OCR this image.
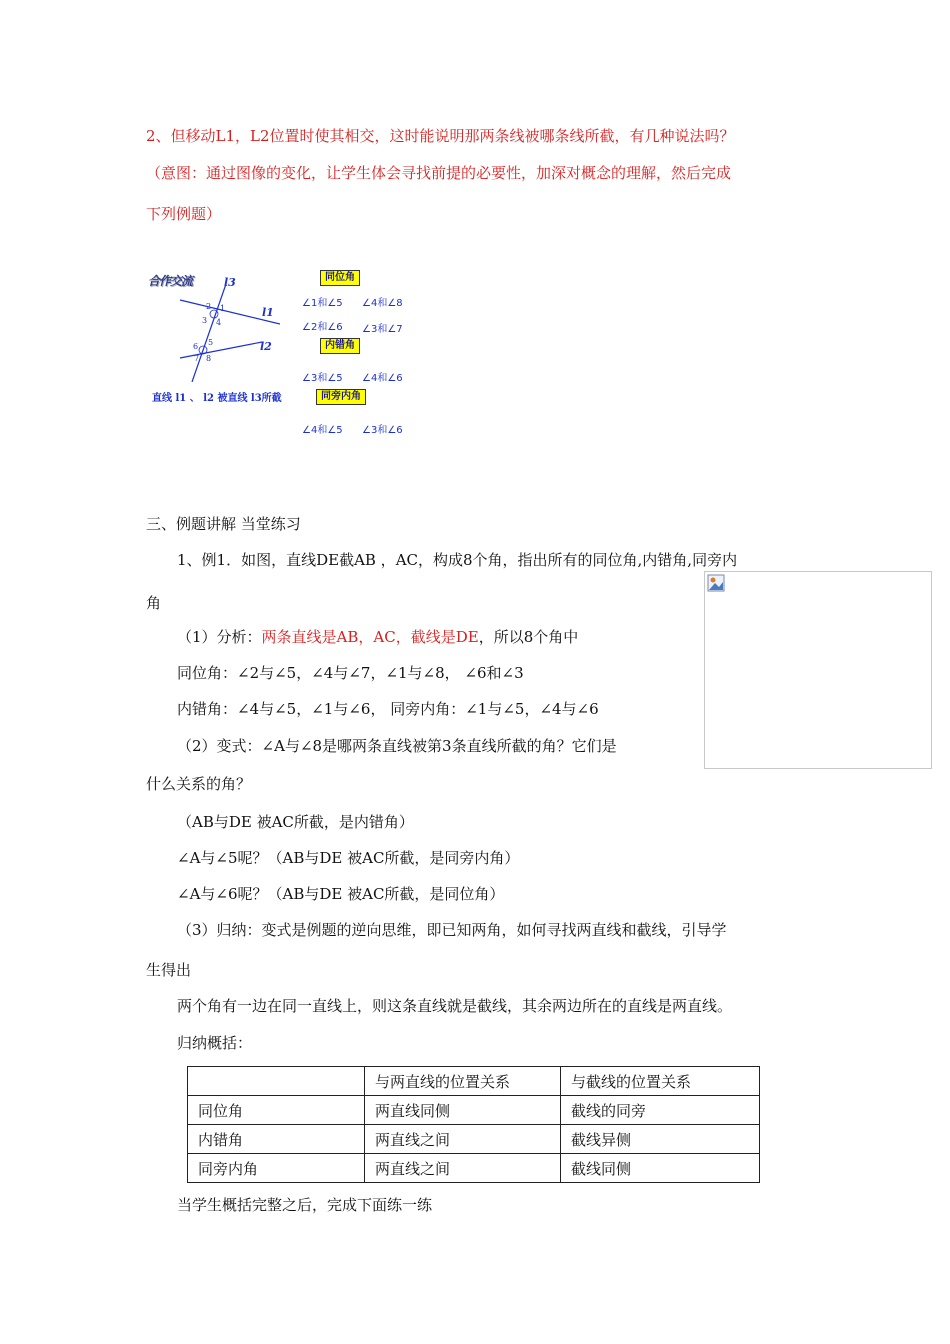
2、但移动L1，L2位置时使其相交，这时能说明那两条线被哪条线所截，有几种说法吗？
（意图：通过图像的变化，让学生体会寻找前提的必要性，加深对概念的理解，然后完成
下列例题）
合作交流	l3
l1
l2
2 1
3 4
5
6
7 8
直线 l1 、 l2 被直线 l3所截
同位角
∠1和∠5 ∠4和∠8
∠2和∠6 ∠3和∠7
内错角
∠3和∠5 ∠4和∠6
同旁内角
∠4和∠5 ∠3和∠6
三、例题讲解 当堂练习
1、例1．如图，直线DE截AB ，AC，构成8个角，指出所有的同位角,内错角,同旁内
角
（1）分析：两条直线是AB，AC，截线是DE，所以8个角中
同位角：∠2与∠5，∠4与∠7，∠1与∠8， ∠6和∠3
内错角：∠4与∠5，∠1与∠6， 同旁内角：∠1与∠5，∠4与∠6
（2）变式：∠A与∠8是哪两条直线被第3条直线所截的角？它们是
什么关系的角？
（AB与DE 被AC所截，是内错角）
∠A与∠5呢？（AB与DE 被AC所截，是同旁内角）
∠A与∠6呢？（AB与DE 被AC所截，是同位角）
（3）归纳：变式是例题的逆向思维，即已知两角，如何寻找两直线和截线，引导学
生得出
两个角有一边在同一直线上，则这条直线就是截线，其余两边所在的直线是两直线。
归纳概括：
	与两直线的位置关系	与截线的位置关系
同位角	两直线同侧	截线的同旁
内错角	两直线之间	截线异侧
同旁内角	两直线之间	截线同侧
当学生概括完整之后，完成下面练一练
